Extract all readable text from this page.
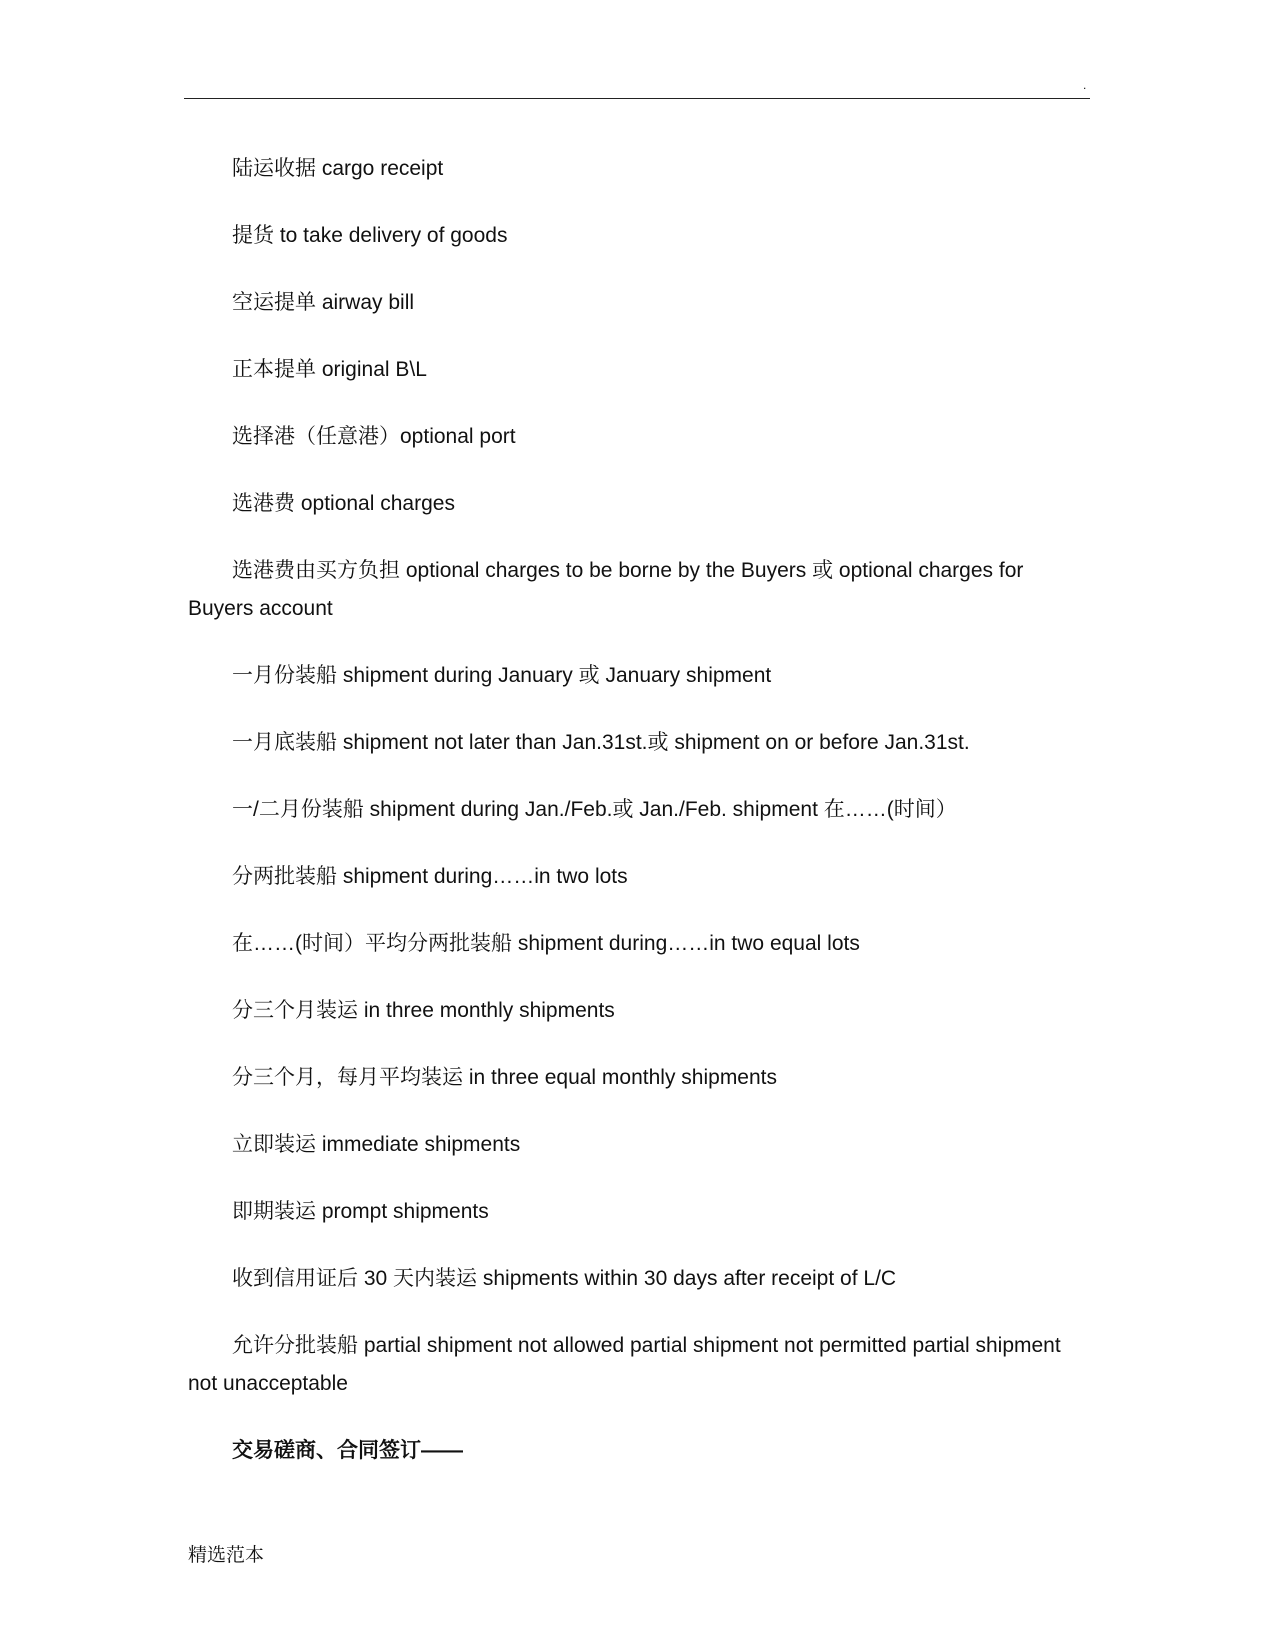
.

陆运收据 cargo receipt

提货 to take delivery of goods

空运提单 airway bill

正本提单 original B\L

选择港（任意港）optional port

选港费 optional charges

选港费由买方负担 optional charges to be borne by the Buyers 或 optional charges for Buyers account

一月份装船 shipment during January 或 January shipment

一月底装船 shipment not later than Jan.31st.或 shipment on or before Jan.31st.

一/二月份装船 shipment during Jan./Feb.或 Jan./Feb. shipment 在……(时间）

分两批装船 shipment during……in two lots

在……(时间）平均分两批装船 shipment during……in two equal lots

分三个月装运 in three monthly shipments

分三个月，每月平均装运 in three equal monthly shipments

立即装运 immediate shipments

即期装运 prompt shipments

收到信用证后 30 天内装运 shipments within 30 days after receipt of L/C

允许分批装船 partial shipment not allowed partial shipment not permitted partial shipment not unacceptable

交易磋商、合同签订——

精选范本
